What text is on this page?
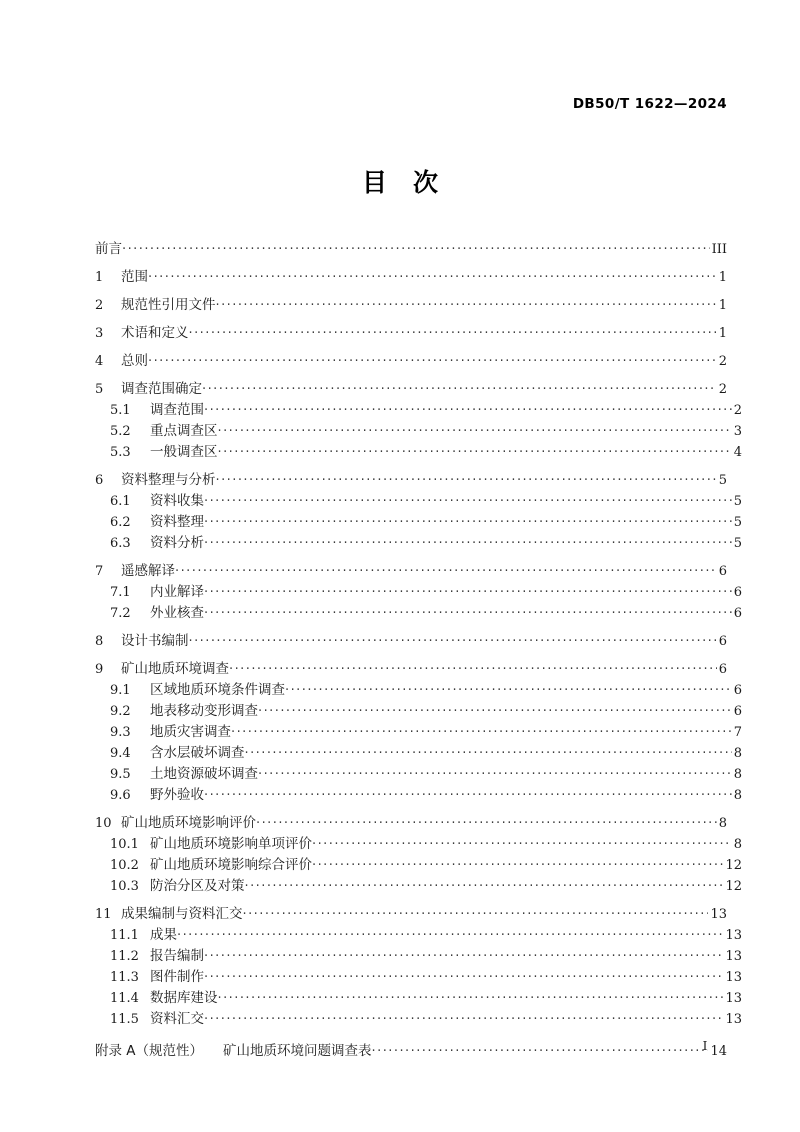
DB50/T 1622—2024
目 次
前言 .....	III
1	范围 .....	1
2	规范性引用文件 .....	1
3	术语和定义 .....	1
4	总则 .....	2
5	调查范围确定 .....	2
5.1	调查范围 .....	2
5.2	重点调查区 .....	3
5.3	一般调查区 .....	4
6	资料整理与分析 .....	5
6.1	资料收集 .....	5
6.2	资料整理 .....	5
6.3	资料分析 .....	5
7	遥感解译 .....	6
7.1	内业解译 .....	6
7.2	外业核查 .....	6
8	设计书编制 .....	6
9	矿山地质环境调查 .....	6
9.1	区域地质环境条件调查 .....	6
9.2	地表移动变形调查 .....	6
9.3	地质灾害调查 .....	7
9.4	含水层破坏调查 .....	8
9.5	土地资源破坏调查 .....	8
9.6	野外验收 .....	8
10 矿山地质环境影响评价 .....	8
10.1 矿山地质环境影响单项评价 .....	8
10.2 矿山地质环境影响综合评价 .....	12
10.3 防治分区及对策 .....	12
11 成果编制与资料汇交 .....	13
11.1 成果 .....	13
11.2 报告编制 .....	13
11.3 图件制作 .....	13
11.4 数据库建设 .....	13
11.5 资料汇交 .....	13
附录 A（规范性） 矿山地质环境问题调查表 .....	14
I
